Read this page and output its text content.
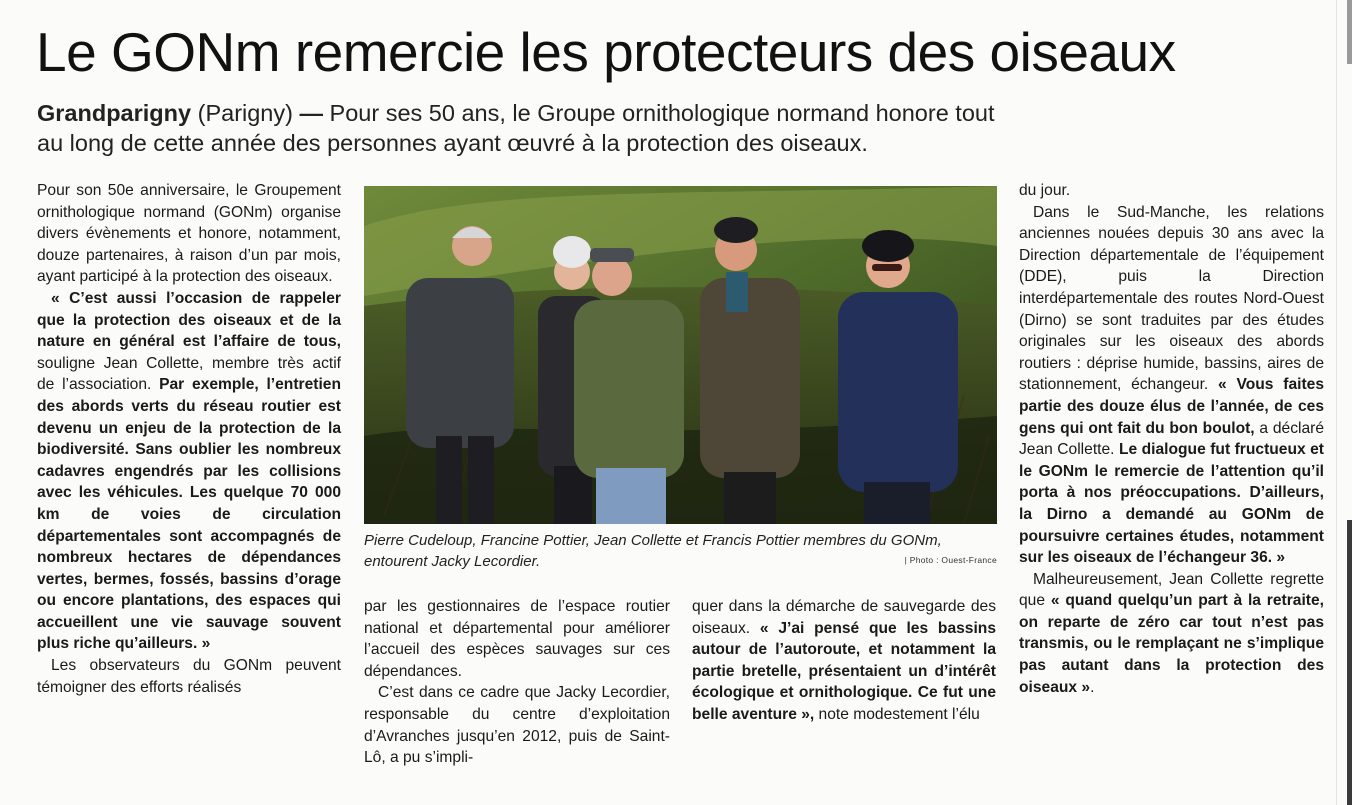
Le GONm remercie les protecteurs des oiseaux
Grandparigny (Parigny) — Pour ses 50 ans, le Groupe ornithologique normand honore tout au long de cette année des personnes ayant œuvré à la protection des oiseaux.

Pour son 50e anniversaire, le Groupement ornithologique normand (GONm) organise divers évènements et honore, notamment, douze partenaires, à raison d’un par mois, ayant participé à la protection des oiseaux.

« C’est aussi l’occasion de rappeler que la protection des oiseaux et de la nature en général est l’affaire de tous, souligne Jean Collette, membre très actif de l’association. Par exemple, l’entretien des abords verts du réseau routier est devenu un enjeu de la protection de la biodiversité. Sans oublier les nombreux cadavres engendrés par les collisions avec les véhicules. Les quelque 70 000 km de voies de circulation départementales sont accompagnés de nombreux hectares de dépendances vertes, bermes, fossés, bassins d’orage ou encore plantations, des espaces qui accueillent une vie sauvage souvent plus riche qu’ailleurs. »

Les observateurs du GONm peuvent témoigner des efforts réalisés

Pierre Cudeloup, Francine Pottier, Jean Collette et Francis Pottier membres du GONm, entourent Jacky Lecordier.	| Photo : Ouest-France

par les gestionnaires de l’espace routier national et départemental pour améliorer l’accueil des espèces sauvages sur ces dépendances.

C’est dans ce cadre que Jacky Lecordier, responsable du centre d’exploitation d’Avranches jusqu’en 2012, puis de Saint-Lô, a pu s’impli-

quer dans la démarche de sauvegarde des oiseaux. « J’ai pensé que les bassins autour de l’autoroute, et notamment la partie bretelle, présentaient un d’intérêt écologique et ornithologique. Ce fut une belle aventure », note modestement l’élu

du jour.

Dans le Sud-Manche, les relations anciennes nouées depuis 30 ans avec la Direction départementale de l’équipement (DDE), puis la Direction interdépartementale des routes Nord-Ouest (Dirno) se sont traduites par des études originales sur les oiseaux des abords routiers : déprise humide, bassins, aires de stationnement, échangeur. « Vous faites partie des douze élus de l’année, de ces gens qui ont fait du bon boulot, a déclaré Jean Collette. Le dialogue fut fructueux et le GONm le remercie de l’attention qu’il porta à nos préoccupations. D’ailleurs, la Dirno a demandé au GONm de poursuivre certaines études, notamment sur les oiseaux de l’échangeur 36. »

Malheureusement, Jean Collette regrette que « quand quelqu’un part à la retraite, on reparte de zéro car tout n’est pas transmis, ou le remplaçant ne s’implique pas autant dans la protection des oiseaux ».
